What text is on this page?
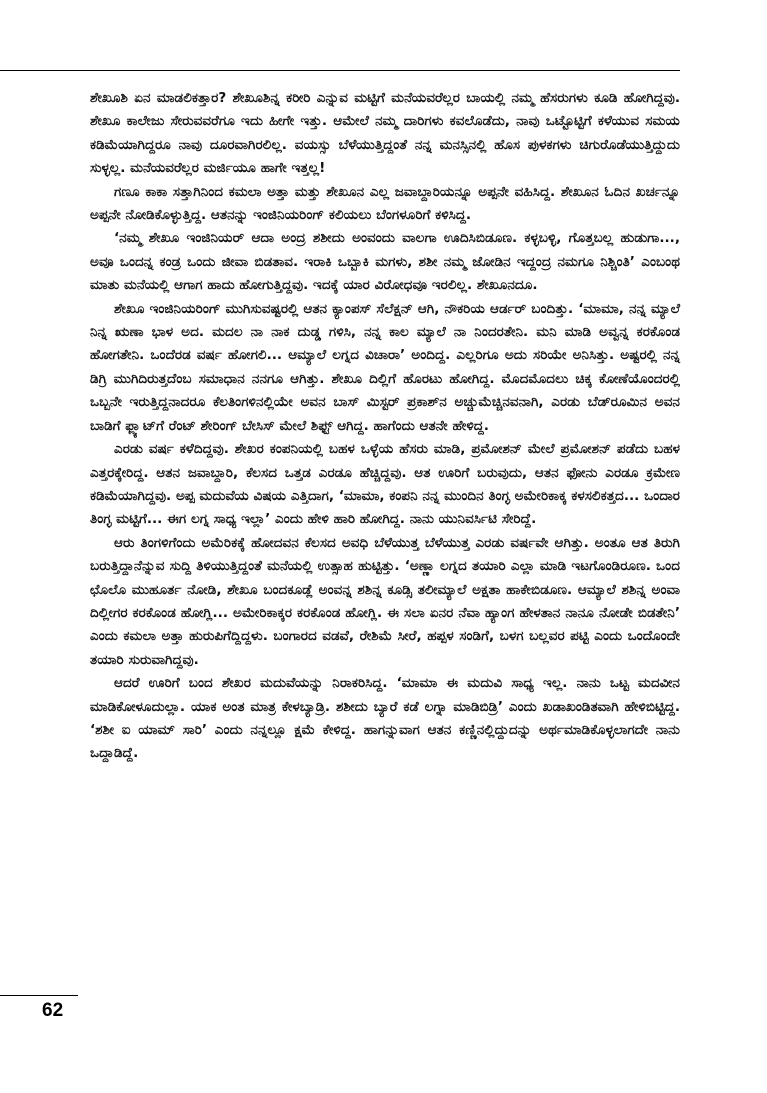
ಶೇಖೂಶಿ ಏನ ಮಾಡಲಿಕತ್ತಾರ? ಶೇಖೂಶಿನ್ನ ಕರೀರಿ ಎನ್ನುವ ಮಟ್ಟಿಗೆ ಮನೆಯವರೆಲ್ಲರ ಬಾಯಲ್ಲಿ ನಮ್ಮ ಹೆಸರುಗಳು ಕೂಡಿ ಹೋಗಿದ್ದವು. ಶೇಖೂ ಕಾಲೇಜು ಸೇರುವವರೆಗೂ ಇದು ಹೀಗೇ ಇತ್ತು. ಆಮೇಲೆ ನಮ್ಮ ದಾರಿಗಳು ಕವಲೊಡೆದು, ನಾವು ಒಟ್ಟೊಟ್ಟಿಗೆ ಕಳೆಯುವ ಸಮಯ ಕಡಿಮೆಯಾಗಿದ್ದರೂ ನಾವು ದೂರವಾಗಿರಲಿಲ್ಲ. ವಯಸ್ಸು ಬೆಳೆಯುತ್ತಿದ್ದಂತೆ ನನ್ನ ಮನಸ್ಸಿನಲ್ಲಿ ಹೊಸ ಪುಳಕಗಳು ಚಿಗುರೊಡೆಯುತ್ತಿದ್ದುದು ಸುಳ್ಳಲ್ಲ. ಮನೆಯವರೆಲ್ಲರ ಮರ್ಜಿಯೂ ಹಾಗೇ ಇತ್ತಲ್ಲ!

ಗಣೂ ಕಾಕಾ ಸತ್ತಾಗಿನಿಂದ ಕಮಲಾ ಅತ್ತಾ ಮತ್ತು ಶೇಖೂನ ಎಲ್ಲ ಜವಾಬ್ದಾರಿಯನ್ನೂ ಅಪ್ಪನೇ ವಹಿಸಿದ್ದ. ಶೇಖೂನ ಓದಿನ ಖರ್ಚನ್ನೂ ಅಪ್ಪನೇ ನೋಡಿಕೊಳ್ಳುತ್ತಿದ್ದ. ಆತನನ್ನು ಇಂಜಿನಿಯರಿಂಗ್ ಕಲಿಯಲು ಬೆಂಗಳೂರಿಗೆ ಕಳಿಸಿದ್ದ.

‘ನಮ್ಮ ಶೇಖೂ ಇಂಜಿನಿಯರ್ ಆದಾ ಅಂದ್ರ ಶಶೀದು ಅಂವಂದು ವಾಲಗಾ ಊದಿಸಿಬಿಡೂಣ. ಕಳ್ಳಬಳ್ಳಿ, ಗೊತ್ತಬಲ್ಲ ಹುಡುಗಾ..., ಅವೂ ಒಂದನ್ನ ಕಂಡ್ರ ಒಂದು ಜೀವಾ ಬಿಡತಾವ. ಇರಾಕಿ ಒಬ್ಬಾಕಿ ಮಗಳು, ಶಶೀ ನಮ್ಮ ಜೋಡಿನ ಇದ್ದಂದ್ರ ನಮಗೂ ನಿಶ್ಚಿಂತಿ’ ಎಂಬಂಥ ಮಾತು ಮನೆಯಲ್ಲಿ ಆಗಾಗ ಹಾದು ಹೋಗುತ್ತಿದ್ದವು. ಇದಕ್ಕೆ ಯಾರ ವಿರೋಧವೂ ಇರಲಿಲ್ಲ. ಶೇಖೂನದೂ.

ಶೇಖೂ ಇಂಜಿನಿಯರಿಂಗ್ ಮುಗಿಸುವಷ್ಟರಲ್ಲಿ ಆತನ ಕ್ಯಾಂಪಸ್ ಸೆಲೆಕ್ಷನ್ ಆಗಿ, ನೌಕರಿಯ ಆರ್ಡರ್ ಬಂದಿತ್ತು. ‘ಮಾಮಾ, ನನ್ನ ಮ್ಯಾಲೆ ನಿನ್ನ ಋಣಾ ಭಾಳ ಅದ. ಮದಲ ನಾ ನಾಕ ದುಡ್ಡ ಗಳಿಸಿ, ನನ್ನ ಕಾಲ ಮ್ಯಾಲೆ ನಾ ನಿಂದರತೇನಿ. ಮನಿ ಮಾಡಿ ಅವ್ವನ್ನ ಕರಕೊಂಡ ಹೋಗತೇನಿ. ಒಂದೆರಡ ವರ್ಷ ಹೋಗಲಿ... ಆಮ್ಯಾಲೆ ಲಗ್ನದ ವಿಚಾರಾ’ ಅಂದಿದ್ದ. ಎಲ್ಲರಿಗೂ ಅದು ಸರಿಯೇ ಅನಿಸಿತ್ತು. ಅಷ್ಟರಲ್ಲಿ ನನ್ನ ಡಿಗ್ರಿ ಮುಗಿದಿರುತ್ತದೆಂಬ ಸಮಾಧಾನ ನನಗೂ ಆಗಿತ್ತು. ಶೇಖೂ ದಿಲ್ಲಿಗೆ ಹೊರಟು ಹೋಗಿದ್ದ. ಮೊದಮೊದಲು ಚಿಕ್ಕ ಕೋಣೆಯೊಂದರಲ್ಲಿ ಒಬ್ಬನೇ ಇರುತ್ತಿದ್ದನಾದರೂ ಕೆಲತಿಂಗಳಿನಲ್ಲಿಯೇ ಅವನ ಬಾಸ್ ಮಿಸ್ಟರ್ ಪ್ರಕಾಶ್‌ನ ಅಚ್ಚುಮೆಚ್ಚಿನವನಾಗಿ, ಎರಡು ಬೆಡ್‌ರೂಮಿನ ಅವನ ಬಾಡಿಗೆ ಫ್ಲ್ಯಾಟ್‌ಗೆ ರೆಂಟ್ ಶೇರಿಂಗ್ ಬೇಸಿಸ್ ಮೇಲೆ ಶಿಫ್ಟ್ ಆಗಿದ್ದ. ಹಾಗೆಂದು ಆತನೇ ಹೇಳಿದ್ದ.

ಎರಡು ವರ್ಷ ಕಳೆದಿದ್ದವು. ಶೇಖರ ಕಂಪನಿಯಲ್ಲಿ ಬಹಳ ಒಳ್ಳೆಯ ಹೆಸರು ಮಾಡಿ, ಪ್ರಮೋಶನ್ ಮೇಲೆ ಪ್ರಮೋಶನ್ ಪಡೆದು ಬಹಳ ಎತ್ತರಕ್ಕೇರಿದ್ದ. ಆತನ ಜವಾಬ್ದಾರಿ, ಕೆಲಸದ ಒತ್ತಡ ಎರಡೂ ಹೆಚ್ಚಿದ್ದವು. ಆತ ಊರಿಗೆ ಬರುವುದು, ಆತನ ಫೋನು ಎರಡೂ ಕ್ರಮೇಣ ಕಡಿಮೆಯಾಗಿದ್ದವು. ಅಪ್ಪ ಮದುವೆಯ ವಿಷಯ ಎತ್ತಿದಾಗ, ‘ಮಾಮಾ, ಕಂಪನಿ ನನ್ನ ಮುಂದಿನ ತಿಂಗ್ಳ ಅಮೇರಿಕಾಕ್ಕ ಕಳಸಲಿಕತ್ತದ... ಒಂದಾರ ತಿಂಗ್ಳ ಮಟ್ಟಿಗೆ... ಈಗ ಲಗ್ನ ಸಾಧ್ಯ ಇಲ್ಲಾ’ ಎಂದು ಹೇಳಿ ಹಾರಿ ಹೋಗಿದ್ದ. ನಾನು ಯುನಿವರ್ಸಿಟಿ ಸೇರಿದ್ದೆ.

ಆರು ತಿಂಗಳಿಗೆಂದು ಅಮೆರಿಕಕ್ಕೆ ಹೋದವನ ಕೆಲಸದ ಅವಧಿ ಬೆಳೆಯುತ್ತ ಬೆಳೆಯುತ್ತ ಎರಡು ವರ್ಷವೇ ಆಗಿತ್ತು. ಅಂತೂ ಆತ ತಿರುಗಿ ಬರುತ್ತಿದ್ದಾನೆನ್ನುವ ಸುದ್ದಿ ತಿಳಿಯುತ್ತಿದ್ದಂತೆ ಮನೆಯಲ್ಲಿ ಉತ್ಸಾಹ ಹುಟ್ಟಿತ್ತು. ‘ಅಣ್ಣಾ ಲಗ್ನದ ತಯಾರಿ ಎಲ್ಲಾ ಮಾಡಿ ಇಟಗೊಂಡಿರೂಣ. ಒಂದ ಛೊಲೊ ಮುಹೂರ್ತ ನೋಡಿ, ಶೇಖೂ ಬಂದಕೂಡ್ಲೆ ಅಂವನ್ನ ಶಶಿನ್ನ ಕೂಡ್ಸಿ ತಲೀಮ್ಯಾಲೆ ಅಕ್ಷತಾ ಹಾಕೇಬಿಡೂಣ. ಆಮ್ಯಾಲೆ ಶಶಿನ್ನ ಅಂವಾ ದಿಲ್ಲೀಗರ ಕರಕೊಂಡ ಹೋಗ್ಲಿ... ಅಮೇರಿಕಾಕ್ಕರ ಕರಕೊಂಡ ಹೋಗ್ಲಿ. ಈ ಸಲಾ ಏನರ ನೆವಾ ಹ್ಯಾಂಗ ಹೇಳತಾನ ನಾನೂ ನೋಡೇ ಬಿಡತೇನಿ’ ಎಂದು ಕಮಲಾ ಅತ್ತಾ ಹುರುಪಿಗೆದ್ದಿದ್ದಳು. ಬಂಗಾರದ ವಡವೆ, ರೇಶಿಮೆ ಸೀರೆ, ಹಪ್ಪಳ ಸಂಡಿಗೆ, ಬಳಗ ಬಲ್ಲವರ ಪಟ್ಟಿ ಎಂದು ಒಂದೊಂದೇ ತಯಾರಿ ಸುರುವಾಗಿದ್ದವು.

ಆದರೆ ಊರಿಗೆ ಬಂದ ಶೇಖರ ಮದುವೆಯನ್ನು ನಿರಾಕರಿಸಿದ್ದ. ‘ಮಾಮಾ ಈ ಮದುವಿ ಸಾಧ್ಯ ಇಲ್ಲ. ನಾನು ಒಟ್ಟ ಮದವೀನ ಮಾಡಿಕೋಳೂದುಲ್ಲಾ. ಯಾಕ ಅಂತ ಮಾತ್ರ ಕೇಳಬ್ಯಾಡ್ರಿ. ಶಶೀದು ಬ್ಯಾರೆ ಕಡೆ ಲಗ್ನಾ ಮಾಡಿಬಿಡ್ರಿ’ ಎಂದು ಖಡಾಖಂಡಿತವಾಗಿ ಹೇಳಿಬಿಟ್ಟಿದ್ದ. ‘ಶಶೀ ಐ ಯಾಮ್ ಸಾರಿ’ ಎಂದು ನನ್ನಲ್ಲೂ ಕ್ಷಮೆ ಕೇಳಿದ್ದ. ಹಾಗನ್ನುವಾಗ ಆತನ ಕಣ್ಣಿನಲ್ಲಿದ್ದುದನ್ನು ಅರ್ಥಮಾಡಿಕೊಳ್ಳಲಾಗದೇ ನಾನು ಒದ್ದಾಡಿದ್ದೆ.

62
